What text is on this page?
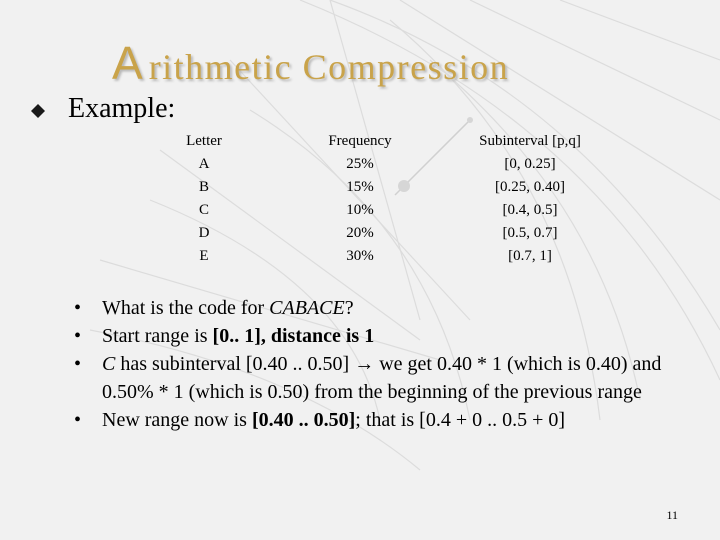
A rithmetic Compression
Example:
Letter
A
B
C
D
E
Frequency
25%
15%
10%
20%
30%
Subinterval [p,q]
[0, 0.25]
[0.25, 0.40]
[0.4, 0.5]
[0.5, 0.7]
[0.7, 1]
• What is the code for CABACE?
• Start range is [0.. 1], distance is 1
• C has subinterval [0.40 .. 0.50] → we get 0.40 * 1 (which is 0.40) and 0.50% * 1 (which is 0.50) from the beginning of the previous range
• New range now is [0.40 .. 0.50]; that is [0.4 + 0 .. 0.5 + 0]
11
